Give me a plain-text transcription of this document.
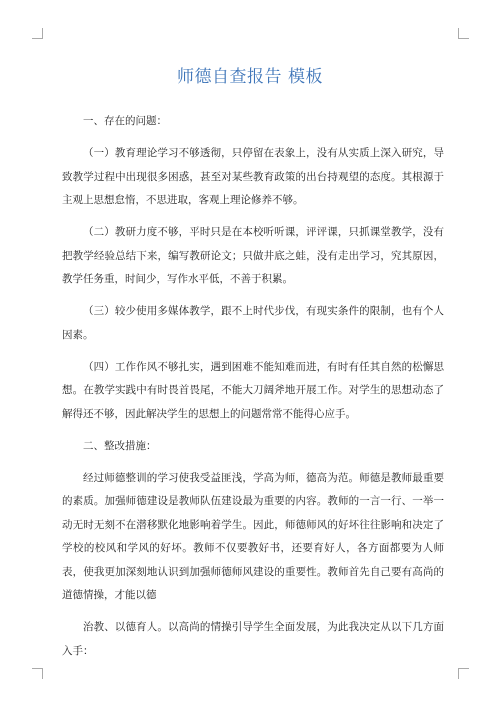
师德自查报告 模板

一、存在的问题：

（一）教育理论学习不够透彻，只停留在表象上，没有从实质上深入研究，导致教学过程中出现很多困惑，甚至对某些教育政策的出台持观望的态度。其根源于主观上思想怠惰，不思进取，客观上理论修养不够。

（二）教研力度不够，平时只是在本校听听课，评评课，只抓课堂教学，没有把教学经验总结下来，编写教研论文；只做井底之蛙，没有走出学习，究其原因，教学任务重，时间少，写作水平低，不善于积累。

（三）较少使用多媒体教学，跟不上时代步伐，有现实条件的限制，也有个人因素。

（四）工作作风不够扎实，遇到困难不能知难而进，有时有任其自然的松懈思想。在教学实践中有时畏首畏尾，不能大刀阔斧地开展工作。对学生的思想动态了解得还不够，因此解决学生的思想上的问题常常不能得心应手。

二、整改措施：

经过师德整训的学习使我受益匪浅，学高为师，德高为范。师德是教师最重要的素质。加强师德建设是教师队伍建设最为重要的内容。教师的一言一行、一举一动无时无刻不在潜移默化地影响着学生。因此，师德师风的好坏往往影响和决定了学校的校风和学风的好坏。教师不仅要教好书，还要育好人，各方面都要为人师表，使我更加深刻地认识到加强师德师风建设的重要性。教师首先自己要有高尚的道德情操，才能以德

治教、以德育人。以高尚的情操引导学生全面发展，为此我决定从以下几方面入手：
